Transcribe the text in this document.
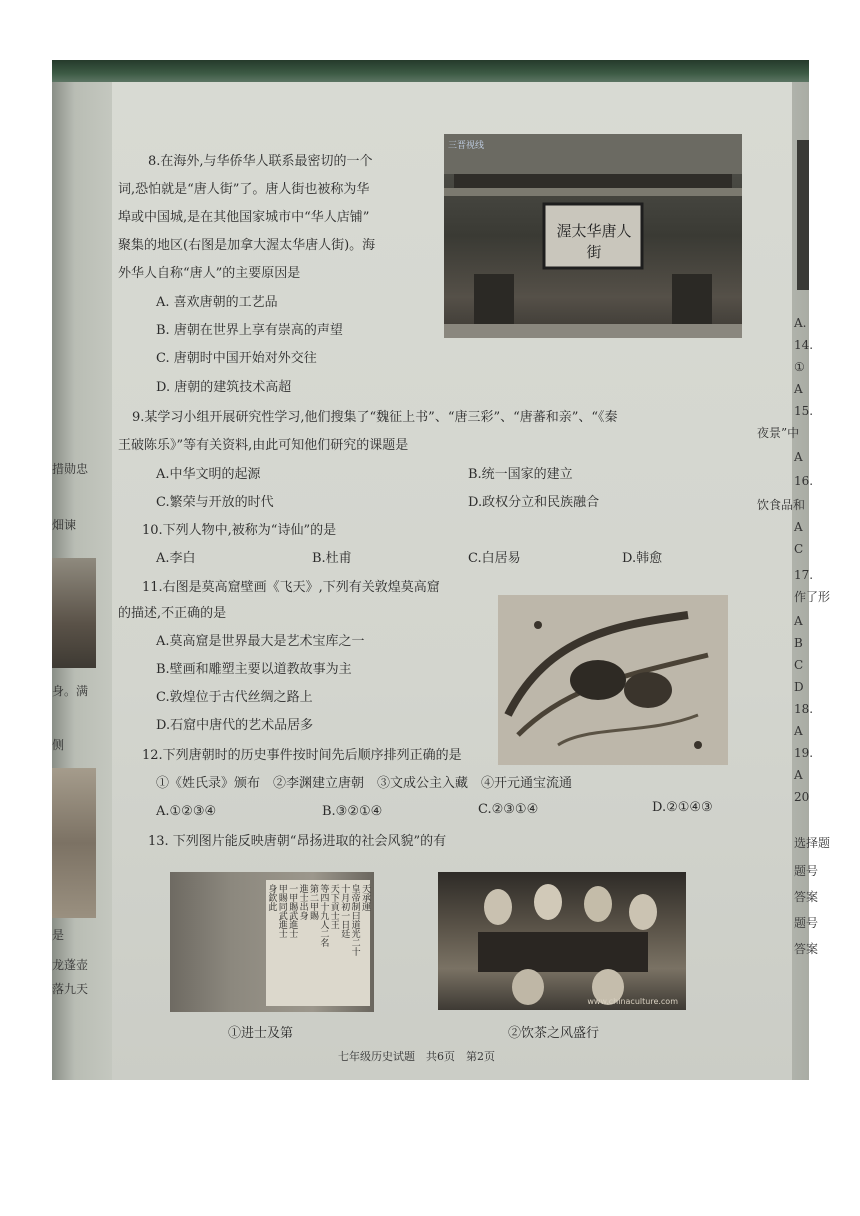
措勋忠
畑谏
身。满
侧
是
龙蓬壶
落九天
8.在海外,与华侨华人联系最密切的一个
词,恐怕就是“唐人街”了。唐人街也被称为华
埠或中国城,是在其他国家城市中“华人店铺”
聚集的地区(右图是加拿大渥太华唐人街)。海
外华人自称“唐人”的主要原因是
A. 喜欢唐朝的工艺品
B. 唐朝在世界上享有崇高的声望
C. 唐朝时中国开始对外交往
D. 唐朝的建筑技术高超
三晋视线
渥太华唐人街
9.某学习小组开展研究性学习,他们搜集了“魏征上书”、“唐三彩”、“唐蕃和亲”、“《秦
王破陈乐》”等有关资料,由此可知他们研究的课题是
A.中华文明的起源	B.统一国家的建立
C.繁荣与开放的时代	D.政权分立和民族融合
10.下列人物中,被称为“诗仙”的是
A.李白	B.杜甫	C.白居易	D.韩愈
11.右图是莫高窟壁画《飞天》,下列有关敦煌莫高窟
的描述,不正确的是
A.莫高窟是世界最大是艺术宝库之一
B.壁画和雕塑主要以道教故事为主
C.敦煌位于古代丝绸之路上
D.石窟中唐代的艺术品居多
12.下列唐朝时的历史事件按时间先后顺序排列正确的是
①《姓氏录》颁布　②李渊建立唐朝　③文成公主入藏　④开元通宝流通
A.①②③④	B.③②①④	C.②③①④	D.②①④③
13. 下列图片能反映唐朝“昂扬进取的社会风貌”的有
天承運
皇帝制曰道光二十
十月初一日廷
天下貢士王
等四十九人二名
第二甲賜
進士出身
一甲賜武進士
甲賜同武進士
身欽此
①进士及第
www.chinaculture.com
②饮茶之风盛行
七年级历史试题　共6页　第2页
A.
14.
①
A
15.
夜景”中
A
16.
饮食品和
A
C
17.
作了形
A
B
C
D
18.
A
19.
A
20
选择题
题号
答案
题号
答案
